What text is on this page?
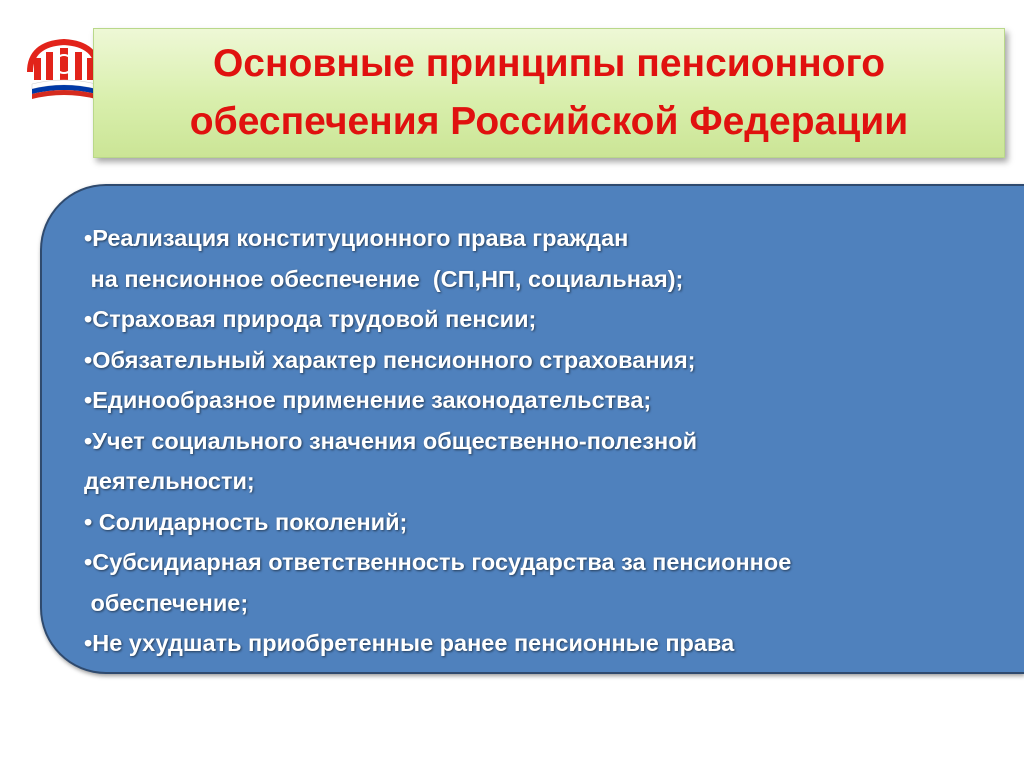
Основные принципы пенсионного
обеспечения Российской Федерации
•Реализация конституционного права граждан
на пенсионное обеспечение  (СП,НП, социальная);
•Страховая природа трудовой пенсии;
•Обязательный характер пенсионного страхования;
•Единообразное применение законодательства;
•Учет социального значения общественно-полезной
деятельности;
• Солидарность поколений;
•Субсидиарная ответственность государства за пенсионное
обеспечение;
•Не ухудшать приобретенные ранее пенсионные права
